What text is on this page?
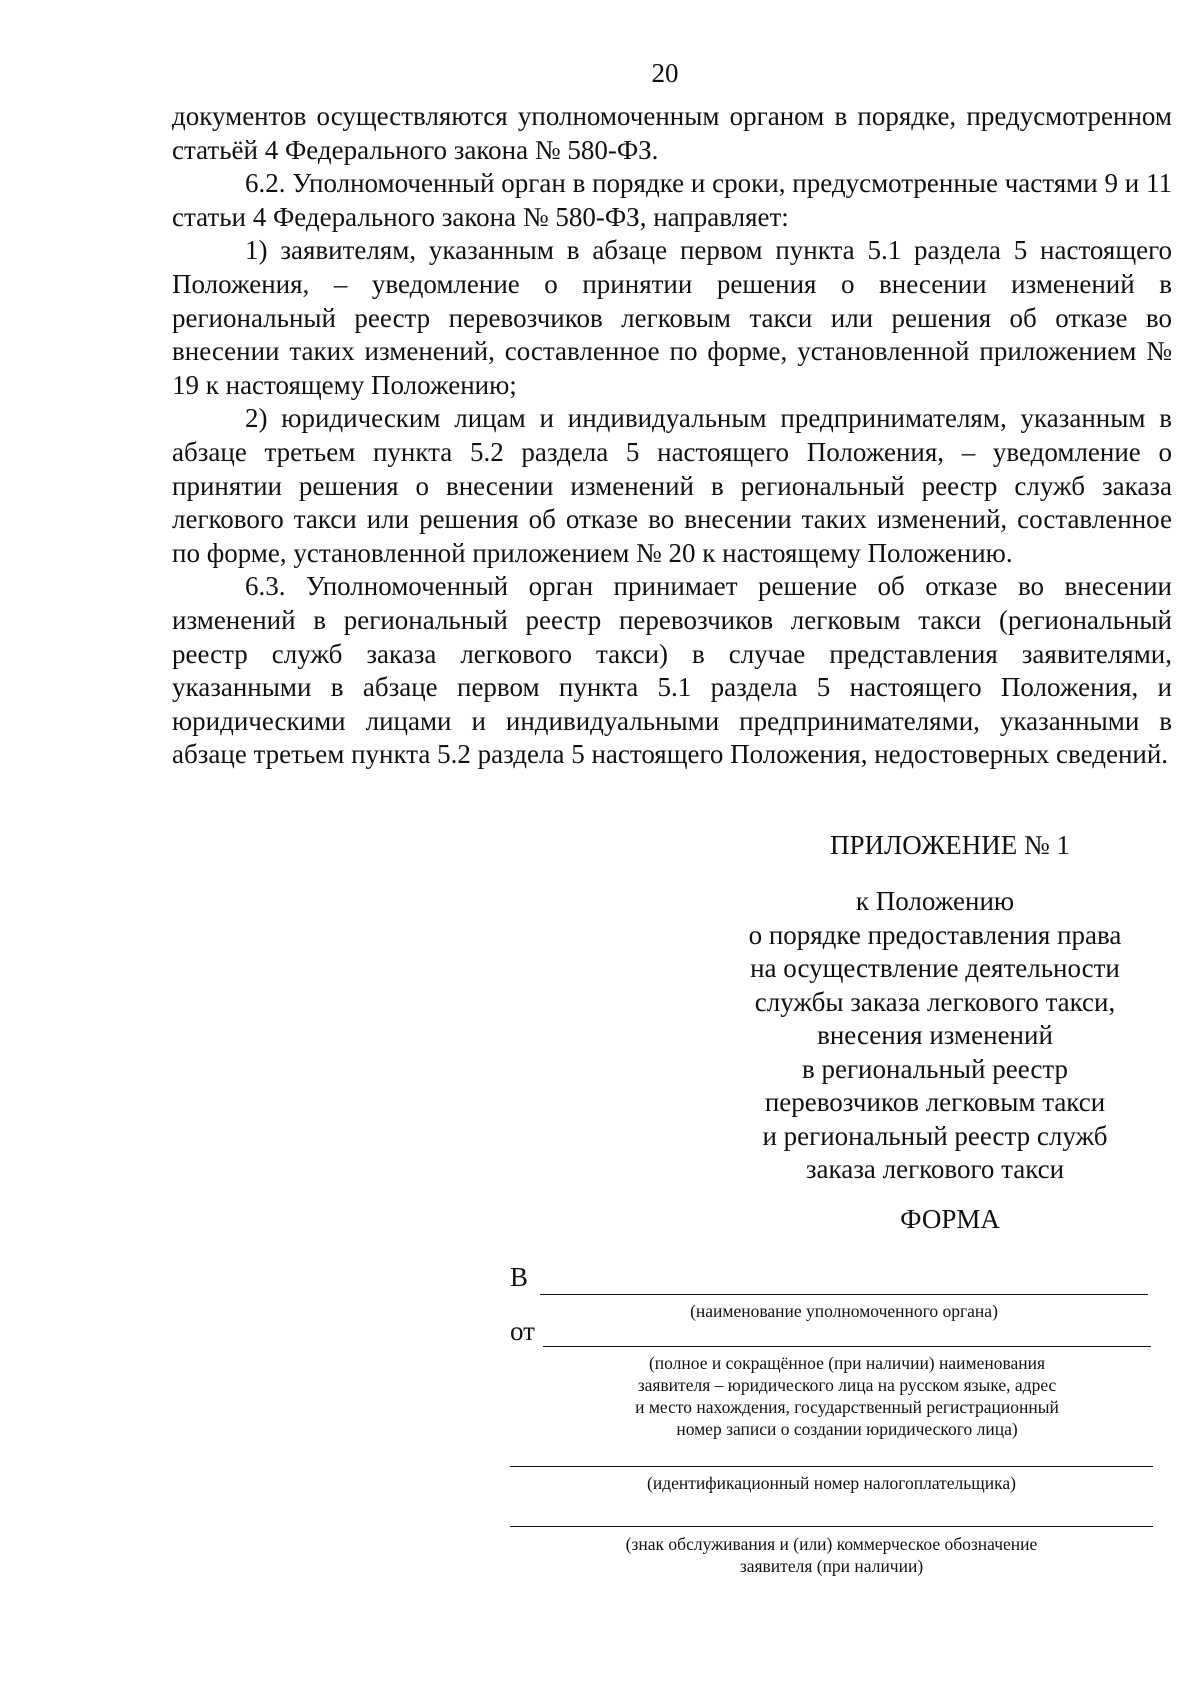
20

документов осуществляются уполномоченным органом в порядке, предусмотренном статьёй 4 Федерального закона № 580-ФЗ.

6.2. Уполномоченный орган в порядке и сроки, предусмотренные частями 9 и 11 статьи 4 Федерального закона № 580-ФЗ, направляет:

1) заявителям, указанным в абзаце первом пункта 5.1 раздела 5 настоящего Положения, – уведомление о принятии решения о внесении изменений в региональный реестр перевозчиков легковым такси или решения об отказе во внесении таких изменений, составленное по форме, установленной приложением № 19 к настоящему Положению;

2) юридическим лицам и индивидуальным предпринимателям, указанным в абзаце третьем пункта 5.2 раздела 5 настоящего Положения, – уведомление о принятии решения о внесении изменений в региональный реестр служб заказа легкового такси или решения об отказе во внесении таких изменений, составленное по форме, установленной приложением № 20 к настоящему Положению.

6.3. Уполномоченный орган принимает решение об отказе во внесении изменений в региональный реестр перевозчиков легковым такси (региональный реестр служб заказа легкового такси) в случае представления заявителями, указанными в абзаце первом пункта 5.1 раздела 5 настоящего Положения, и юридическими лицами и индивидуальными предпринимателями, указанными в абзаце третьем пункта 5.2 раздела 5 настоящего Положения, недостоверных сведений.

ПРИЛОЖЕНИЕ № 1
к Положению
о порядке предоставления права
на осуществление деятельности
службы заказа легкового такси,
внесения изменений
в региональный реестр
перевозчиков легковым такси
и региональный реестр служб
заказа легкового такси
ФОРМА
В
(наименование уполномоченного органа)
от
(полное и сокращённое (при наличии) наименования
заявителя – юридического лица на русском языке, адрес
и место нахождения, государственный регистрационный
номер записи о создании юридического лица)
(идентификационный номер налогоплательщика)
(знак обслуживания и (или) коммерческое обозначение
заявителя (при наличии)
